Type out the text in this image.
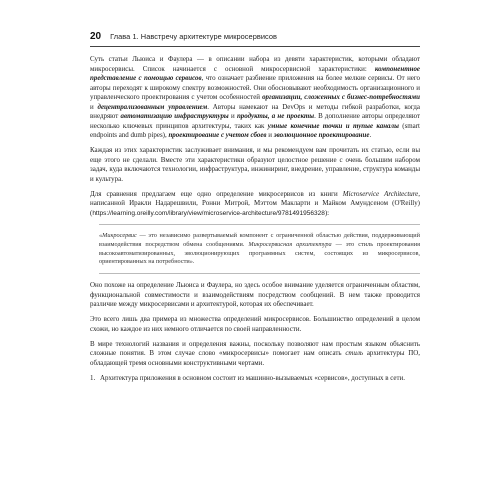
20 Глава 1. Навстречу архитектуре микросервисов

Суть статьи Льюиса и Фаулера — в описании набора из девяти характеристик, которыми обладают микросервисы. Список начинается с основной микросервисной характеристики: компонентное представление с помощью сервисов, что означает разбиение приложения на более мелкие сервисы. От него авторы переходят к широкому спектру возможностей. Они обосновывают необходимость организационного и управленческого проектирования с учетом особенностей организации, сложенных с бизнес-потребностями и децентрализованным управлением. Авторы намекают на DevOps и методы гибкой разработки, когда внедряют автоматизацию инфраструктуры и продукты, а не проекты. В дополнение авторы определяют несколько ключевых принципов архитектуры, таких как умные конечные точки и тупые каналы (smart endpoints and dumb pipes), проектирование с учетом сбоев и эволюционное проектирование.

Каждая из этих характеристик заслуживает внимания, и мы рекомендуем вам прочитать их статью, если вы еще этого не сделали. Вместе эти характеристики образуют целостное решение с очень большим набором задач, куда включаются технологии, инфраструктура, инжиниринг, внедрение, управление, структура команды и культура.

Для сравнения предлагаем еще одно определение микросервисов из книги Microservice Architecture, написанной Иракли Надарешвили, Ронни Митрой, Мэттом Макларти и Майком Амундсеном (O'Reilly) (https://learning.oreilly.com/library/view/microservice-architecture/9781491956328):

«Микросервис — это независимо развертываемый компонент с ограниченной областью действия, поддерживающий взаимодействия посредством обмена сообщениями. Микросервисная архитектура — это стиль проектирования высокоавтоматизированных, эволюционирующих программных систем, состоящих из микросервисов, ориентированных на потребности».

Оно похоже на определение Льюиса и Фаулера, но здесь особое внимание уделяется ограниченным областям, функциональной совместимости и взаимодействиям посредством сообщений. В нем также проводится различие между микросервисами и архитектурой, которая их обеспечивает.

Это всего лишь два примера из множества определений микросервисов. Большинство определений в целом схожи, но каждое из них немного отличается по своей направленности.

В мире технологий названия и определения важны, поскольку позволяют нам простым языком объяснить сложные понятия. В этом случае слово «микросервисы» помогает нам описать стиль архитектуры ПО, обладающей тремя основными конструктивными чертами.

1. Архитектура приложения в основном состоит из машинно-вызываемых «сервисов», доступных в сети.
